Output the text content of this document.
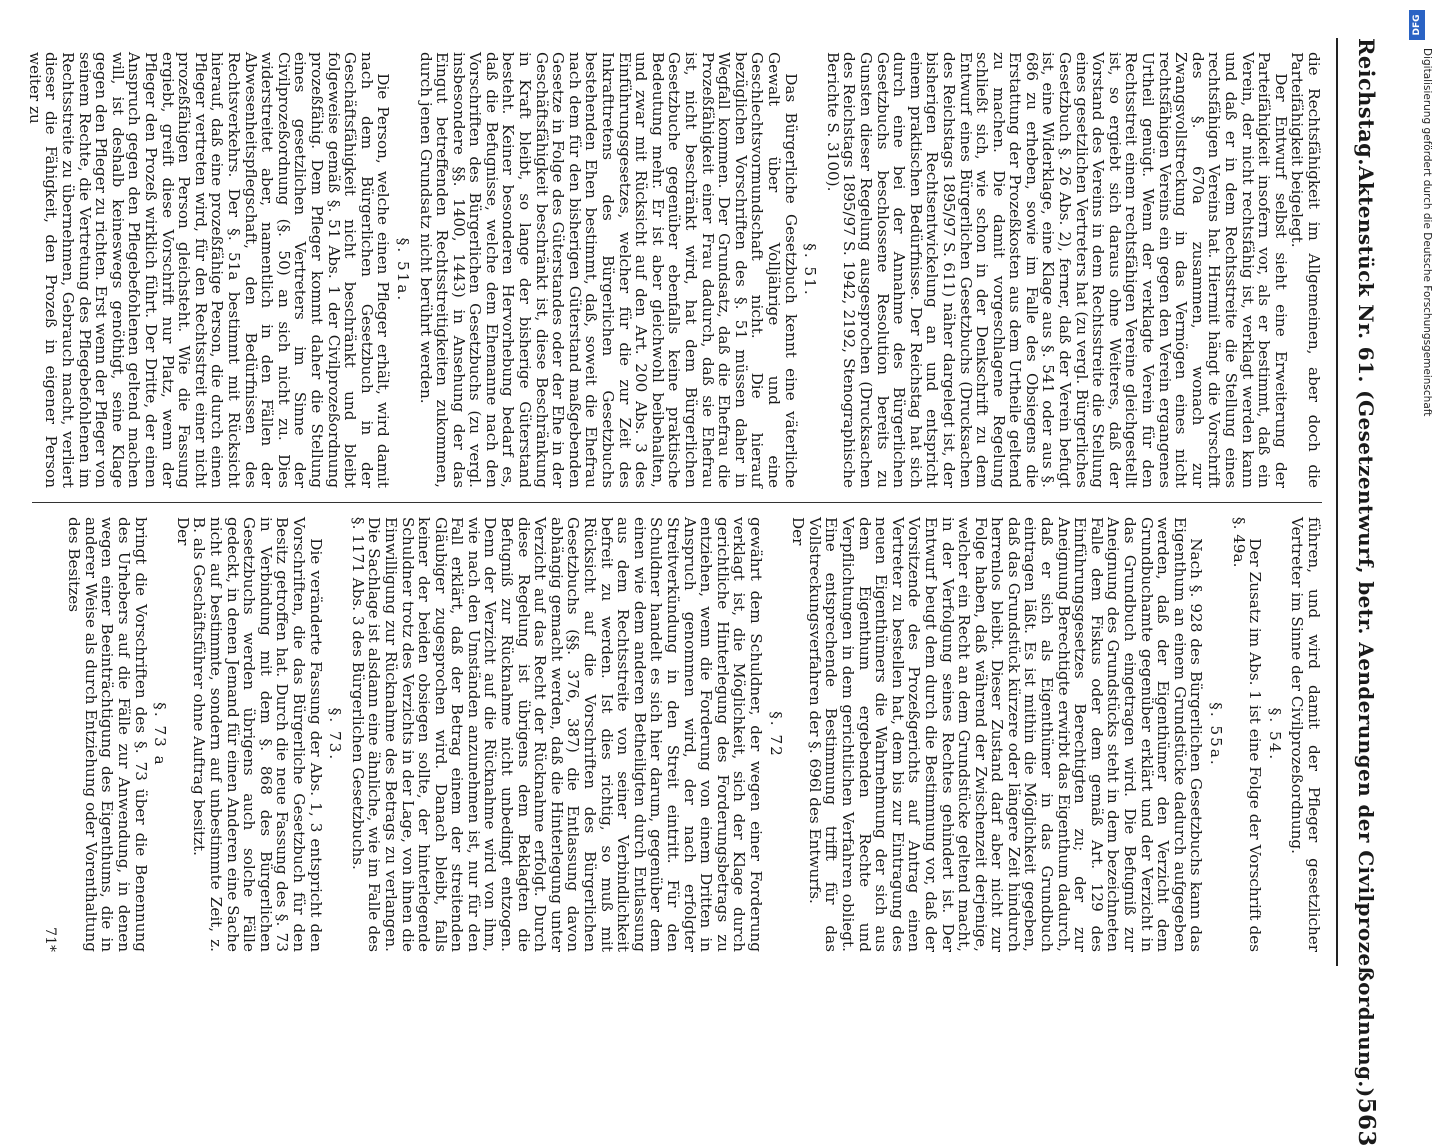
Reichstag.
Aktenstück Nr. 61. (Gesetzentwurf, betr. Aenderungen der Civilprozeßordnung.)
563

die Rechtsfähigkeit im Allgemeinen, aber doch die Parteifähigkeit beigelegt.

Der Entwurf selbst sieht eine Erweiterung der Parteifähigkeit insofern vor, als er bestimmt, daß ein Verein, der nicht rechtsfähig ist, verklagt werden kann und daß er in dem Rechtsstreite die Stellung eines rechtsfähigen Vereins hat. Hiermit hängt die Vorschrift des §. 670a zusammen, wonach zur Zwangsvollstreckung in das Vermögen eines nicht rechtsfähigen Vereins ein gegen den Verein ergangenes Urtheil genügt. Wenn der verklagte Verein für den Rechtsstreit einem rechtsfähigen Vereine gleichgestellt ist, so ergiebt sich daraus ohne Weiteres, daß der Vorstand des Vereins in dem Rechtsstreite die Stellung eines gesetzlichen Vertreters hat (zu vergl. Bürgerliches Gesetzbuch §. 26 Abs. 2), ferner, daß der Verein befugt ist, eine Widerklage, eine Klage aus §. 541 oder aus §. 686 zu erheben, sowie im Falle des Obsiegens die Erstattung der Prozeßkosten aus dem Urtheile geltend zu machen. Die damit vorgeschlagene Regelung schließt sich, wie schon in der Denkschrift zu dem Entwurf eines Bürgerlichen Gesetzbuchs (Drucksachen des Reichstags 1895/97 S. 611) näher dargelegt ist, der bisherigen Rechtsentwickelung an und entspricht einem praktischen Bedürfnisse. Der Reichstag hat sich durch eine bei der Annahme des Bürgerlichen Gesetzbuchs beschlossene Resolution bereits zu Gunsten dieser Regelung ausgesprochen (Drucksachen des Reichstags 1895/97 S. 1942, 2192, Stenographische Berichte S. 3100).

§. 51.

Das Bürgerliche Gesetzbuch kennt eine väterliche Gewalt über Volljährige und eine Geschlechtsvormundschaft nicht. Die hierauf bezüglichen Vorschriften des §. 51 müssen daher in Wegfall kommen. Der Grundsatz, daß die Ehefrau die Prozeßfähigkeit einer Frau dadurch, daß sie Ehefrau ist, nicht beschränkt wird, hat dem Bürgerlichen Gesetzbuche gegenüber ebenfalls keine praktische Bedeutung mehr. Er ist aber gleichwohl beibehalten, und zwar mit Rücksicht auf den Art. 200 Abs. 3 des Einführungsgesetzes, welcher für die zur Zeit des Inkrafttretens des Bürgerlichen Gesetzbuchs bestehenden Ehen bestimmt, daß, soweit die Ehefrau nach dem für den bisherigen Güterstand maßgebenden Gesetze in Folge des Güterstandes oder der Ehe in der Geschäftsfähigkeit beschränkt ist, diese Beschränkung in Kraft bleibt, so lange der bisherige Güterstand besteht. Keiner besonderen Hervorhebung bedarf es, daß die Befugnisse, welche dem Ehemanne nach den Vorschriften des Bürgerlichen Gesetzbuchs (zu vergl. insbesondere §§. 1400, 1443) in Ansehung der das Eingut betreffenden Rechtsstreitigkeiten zukommen, durch jenen Grundsatz nicht berührt werden.

§. 51a.

Die Person, welche einen Pfleger erhält, wird damit nach dem Bürgerlichen Gesetzbuch in der Geschäftsfähigkeit nicht beschränkt und bleibt folgeweise gemäß §. 51 Abs. 1 der Civilprozeßordnung prozeßfähig. Dem Pfleger kommt daher die Stellung eines gesetzlichen Vertreters im Sinne der Civilprozeßordnung (§. 50) an sich nicht zu. Dies widerstreitet aber, namentlich in den Fällen der Abwesenheitspflegschaft, den Bedürfnissen des Rechtsverkehrs. Der §. 51a bestimmt mit Rücksicht hierauf, daß eine prozeßfähige Person, die durch einen Pfleger vertreten wird, für den Rechtsstreit einer nicht prozeßfähigen Person gleichsteht. Wie die Fassung ergiebt, greift diese Vorschrift nur Platz, wenn der Pfleger den Prozeß wirklich führt. Der Dritte, der einen Anspruch gegen den Pflegebefohlenen geltend machen will, ist deshalb keineswegs genöthigt, seine Klage gegen den Pfleger zu richten. Erst wenn der Pfleger von seinem Rechte, die Vertretung des Pflegebefohlenen im Rechtsstreite zu übernehmen, Gebrauch macht, verliert dieser die Fähigkeit, den Prozeß in eigener Person weiter zu

führen, und wird damit der Pfleger gesetzlicher Vertreter im Sinne der Civilprozeßordnung.

§. 54.

Der Zusatz im Abs. 1 ist eine Folge der Vorschrift des §. 49a.

§. 55a.

Nach §. 928 des Bürgerlichen Gesetzbuchs kann das Eigenthum an einem Grundstücke dadurch aufgegeben werden, daß der Eigenthümer den Verzicht dem Grundbuchamte gegenüber erklärt und der Verzicht in das Grundbuch eingetragen wird. Die Befugniß zur Aneignung des Grundstücks steht in dem bezeichneten Falle dem Fiskus oder dem gemäß Art. 129 des Einführungsgesetzes Berechtigten zu; der zur Aneignung Berechtigte erwirbt das Eigenthum dadurch, daß er sich als Eigenthümer in das Grundbuch eintragen läßt. Es ist mithin die Möglichkeit gegeben, daß das Grundstück kürzere oder längere Zeit hindurch herrenlos bleibt. Dieser Zustand darf aber nicht zur Folge haben, daß während der Zwischenzeit derjenige, welcher ein Recht an dem Grundstücke geltend macht, in der Verfolgung seines Rechtes gehindert ist. Der Entwurf beugt dem durch die Bestimmung vor, daß der Vorsitzende des Prozeßgerichts auf Antrag einen Vertreter zu bestellen hat, dem bis zur Eintragung des neuen Eigenthümers die Wahrnehmung der sich aus dem Eigenthum ergebenden Rechte und Verpflichtungen in dem gerichtlichen Verfahren obliegt. Eine entsprechende Bestimmung trifft für das Vollstreckungsverfahren der §. 696l des Entwurfs.

Der

§. 72

gewährt dem Schuldner, der wegen einer Forderung verklagt ist, die Möglichkeit, sich der Klage durch gerichtliche Hinterlegung des Forderungsbetrags zu entziehen, wenn die Forderung von einem Dritten in Anspruch genommen wird, der nach erfolgter Streitverkündung in den Streit eintritt. Für den Schuldner handelt es sich hier darum, gegenüber dem einen wie dem anderen Betheiligten durch Entlassung aus dem Rechtsstreite von seiner Verbindlichkeit befreit zu werden. Ist dies richtig, so muß mit Rücksicht auf die Vorschriften des Bürgerlichen Gesetzbuchs (§§. 376, 387) die Entlassung davon abhängig gemacht werden, daß die Hinterlegung unter Verzicht auf das Recht der Rücknahme erfolgt. Durch diese Regelung ist übrigens dem Beklagten die Befugniß zur Rücknahme nicht unbedingt entzogen. Denn der Verzicht auf die Rücknahme wird von ihm, wie nach den Umständen anzunehmen ist, nur für den Fall erklärt, daß der Betrag einem der streitenden Gläubiger zugesprochen wird. Danach bleibt, falls keiner der beiden obsiegen sollte, der hinterlegende Schuldner trotz des Verzichts in der Lage, von ihnen die Einwilligung zur Rücknahme des Betrags zu verlangen. Die Sachlage ist alsdann eine ähnliche, wie im Falle des §. 1171 Abs. 3 des Bürgerlichen Gesetzbuchs.

§. 73.

Die veränderte Fassung der Abs. 1, 3 entspricht den Vorschriften, die das Bürgerliche Gesetzbuch für den Besitz getroffen hat. Durch die neue Fassung des §. 73 in Verbindung mit dem §. 868 des Bürgerlichen Gesetzbuchs werden übrigens auch solche Fälle gedeckt, in denen Jemand für einen Anderen eine Sache nicht auf bestimmte, sondern auf unbestimmte Zeit, z. B. als Geschäftsführer ohne Auftrag besitzt.

Der

§. 73 a

bringt die Vorschriften des §. 73 über die Benennung des Urhebers auf die Fälle zur Anwendung, in denen wegen einer Beeinträchtigung des Eigenthums, die in anderer Weise als durch Entziehung oder Vorenthaltung des Besitzes

71*
DFG
Digitalisierung gefördert durch die Deutsche Forschungsgemeinschaft
